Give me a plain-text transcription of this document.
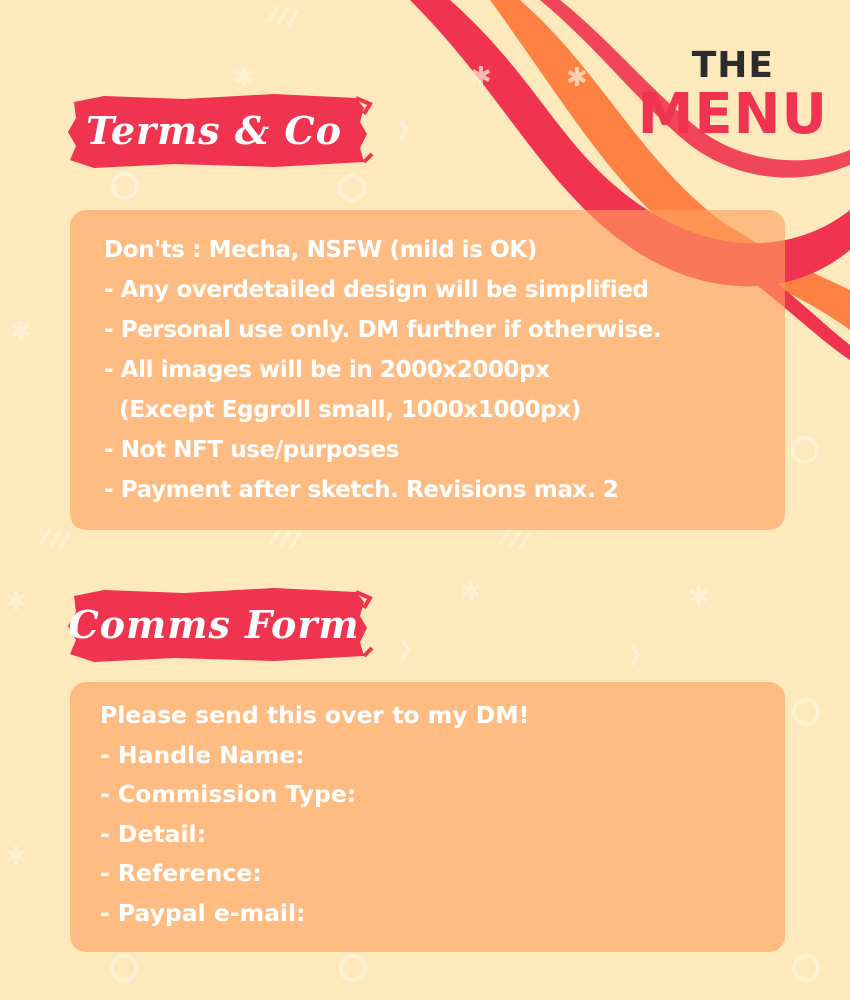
✱
✱
✱	✱	✱
✱
✱	✱	THE
MENU
Terms & Co
Don'ts : Mecha, NSFW (mild is OK)
- Any overdetailed design will be simplified
- Personal use only. DM further if otherwise.
- All images will be in 2000x2000px
(Except Eggroll small, 1000x1000px)
- Not NFT use/purposes
- Payment after sketch. Revisions max. 2
Comms Form
Please send this over to my DM!
- Handle Name:
- Commission Type:
- Detail:
- Reference:
- Paypal e-mail:
